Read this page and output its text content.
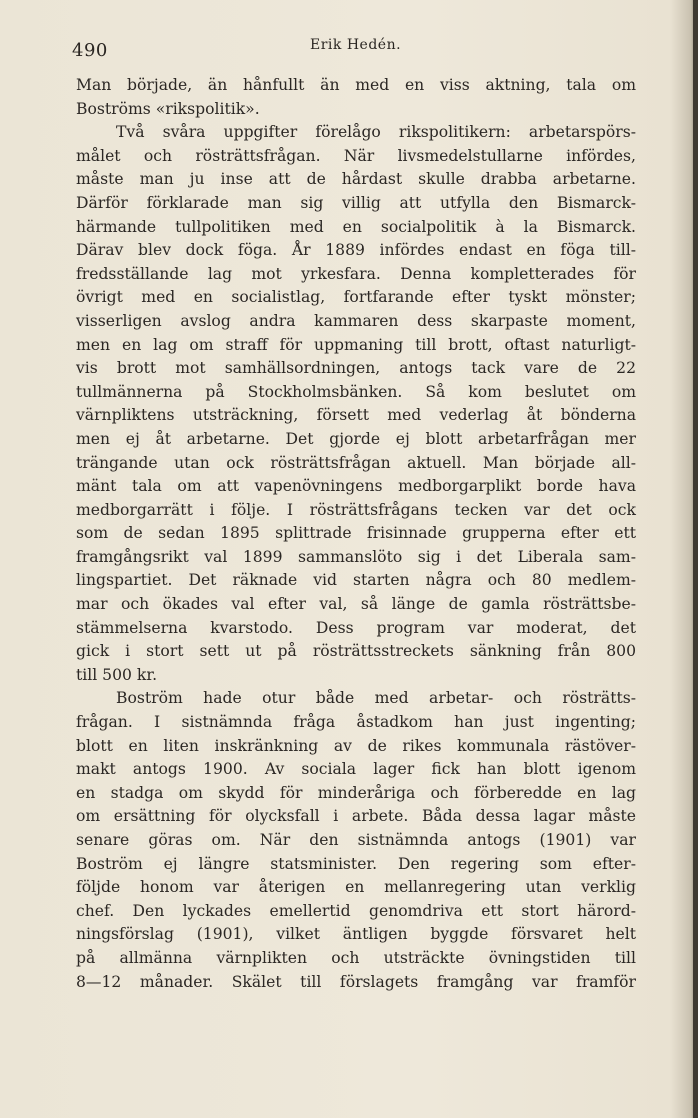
490	Erik Hedén.
Man började, än hånfullt än med en viss aktning, tala om
Boströms «rikspolitik».
Två svåra uppgifter förelågo rikspolitikern: arbetarspörs-
målet och rösträttsfrågan. När livsmedelstullarne infördes,
måste man ju inse att de hårdast skulle drabba arbetarne.
Därför förklarade man sig villig att utfylla den Bismarck-
härmande tullpolitiken med en socialpolitik à la Bismarck.
Därav blev dock föga. År 1889 infördes endast en föga till-
fredsställande lag mot yrkesfara. Denna kompletterades för
övrigt med en socialistlag, fortfarande efter tyskt mönster;
visserligen avslog andra kammaren dess skarpaste moment,
men en lag om straff för uppmaning till brott, oftast naturligt-
vis brott mot samhällsordningen, antogs tack vare de 22
tullmännerna på Stockholmsbänken. Så kom beslutet om
värnpliktens utsträckning, försett med vederlag åt bönderna
men ej åt arbetarne. Det gjorde ej blott arbetarfrågan mer
trängande utan ock rösträttsfrågan aktuell. Man började all-
mänt tala om att vapenövningens medborgarplikt borde hava
medborgarrätt i följe. I rösträttsfrågans tecken var det ock
som de sedan 1895 splittrade frisinnade grupperna efter ett
framgångsrikt val 1899 sammanslöto sig i det Liberala sam-
lingspartiet. Det räknade vid starten några och 80 medlem-
mar och ökades val efter val, så länge de gamla rösträttsbe-
stämmelserna kvarstodo. Dess program var moderat, det
gick i stort sett ut på rösträttsstreckets sänkning från 800
till 500 kr.
Boström hade otur både med arbetar- och rösträtts-
frågan. I sistnämnda fråga åstadkom han just ingenting;
blott en liten inskränkning av de rikes kommunala rästöver-
makt antogs 1900. Av sociala lager fick han blott igenom
en stadga om skydd för minderåriga och förberedde en lag
om ersättning för olycksfall i arbete. Båda dessa lagar måste
senare göras om. När den sistnämnda antogs (1901) var
Boström ej längre statsminister. Den regering som efter-
följde honom var återigen en mellanregering utan verklig
chef. Den lyckades emellertid genomdriva ett stort härord-
ningsförslag (1901), vilket äntligen byggde försvaret helt
på allmänna värnplikten och utsträckte övningstiden till
8—12 månader. Skälet till förslagets framgång var framför
